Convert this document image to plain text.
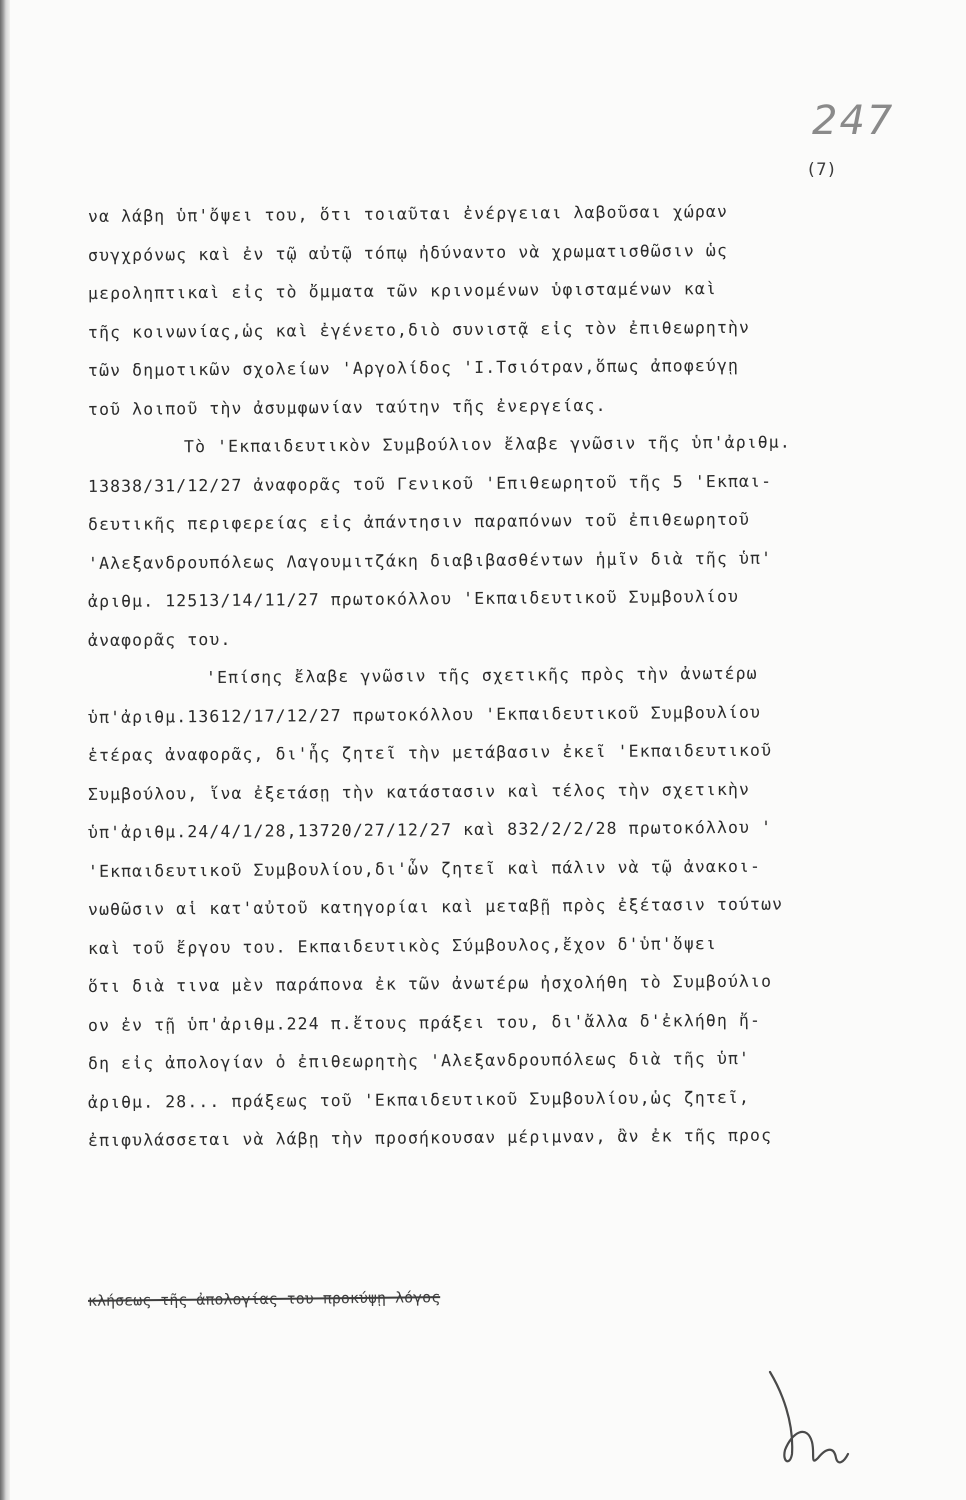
247
(7)
να λάβη ὑπ'ὄψει του, ὅτι τοιαῦται ἐνέργειαι λαβοῦσαι χώραν
συγχρόνως καὶ ἐν τῷ αὐτῷ τόπῳ ἠδύναντο νὰ χρωματισθῶσιν ὡς
μεροληπτικαὶ εἰς τὸ ὄμματα τῶν κρινομένων ὑφισταμένων καὶ
τῆς κοινωνίας,ὡς καὶ ἐγένετο,διὸ συνιστᾷ εἰς τὸν ἐπιθεωρητὴν
τῶν δημοτικῶν σχολείων 'Αργολίδος 'Ι.Τσιότραν,ὅπως ἀποφεύγῃ
τοῦ λοιποῦ τὴν ἀσυμφωνίαν ταύτην τῆς ἐνεργείας.
Τὸ 'Εκπαιδευτικὸν Συμβούλιον ἔλαβε γνῶσιν τῆς ὑπ'ἀριθμ.
13838/31/12/27 ἀναφορᾶς τοῦ Γενικοῦ 'Επιθεωρητοῦ τῆς 5 'Εκπαι-
δευτικῆς περιφερείας εἰς ἀπάντησιν παραπόνων τοῦ ἐπιθεωρητοῦ
'Αλεξανδρουπόλεως Λαγουμιτζάκη διαβιβασθέντων ἡμῖν διὰ τῆς ὑπ'
ἀριθμ. 12513/14/11/27 πρωτοκόλλου 'Εκπαιδευτικοῦ Συμβουλίου
ἀναφορᾶς του.
'Επίσης ἔλαβε γνῶσιν τῆς σχετικῆς πρὸς τὴν ἀνωτέρω
ὑπ'ἀριθμ.13612/17/12/27 πρωτοκόλλου 'Εκπαιδευτικοῦ Συμβουλίου
ἑτέρας ἀναφορᾶς, δι'ἧς ζητεῖ τὴν μετάβασιν ἐκεῖ 'Εκπαιδευτικοῦ
Συμβούλου, ἵνα ἐξετάσῃ τὴν κατάστασιν καὶ τέλος τὴν σχετικὴν
ὑπ'ἀριθμ.24/4/1/28,13720/27/12/27 καὶ 832/2/2/28 πρωτοκόλλου '
'Εκπαιδευτικοῦ Συμβουλίου,δι'ὧν ζητεῖ καὶ πάλιν νὰ τῷ ἀνακοι-
νωθῶσιν αἱ κατ'αὐτοῦ κατηγορίαι καὶ μεταβῇ πρὸς ἐξέτασιν τούτων
καὶ τοῦ ἔργου του. Εκπαιδευτικὸς Σύμβουλος,ἔχον δ'ὑπ'ὄψει
ὅτι διὰ τινα μὲν παράπονα ἐκ τῶν ἀνωτέρω ἠσχολήθη τὸ Συμβούλιο
ον ἐν τῇ ὑπ'ἀριθμ.224 π.ἔτους πράξει του, δι'ἄλλα δ'ἐκλήθη ἤ-
δη εἰς ἀπολογίαν ὁ ἐπιθεωρητὴς 'Αλεξανδρουπόλεως διὰ τῆς ὑπ'
ἀριθμ. 28... πράξεως τοῦ 'Εκπαιδευτικοῦ Συμβουλίου,ὡς ζητεῖ,
ἐπιφυλάσσεται νὰ λάβῃ τὴν προσήκουσαν μέριμναν, ἂν ἐκ τῆς προς
κλήσεως τῆς ἀπολογίας του προκύψῃ λόγος
